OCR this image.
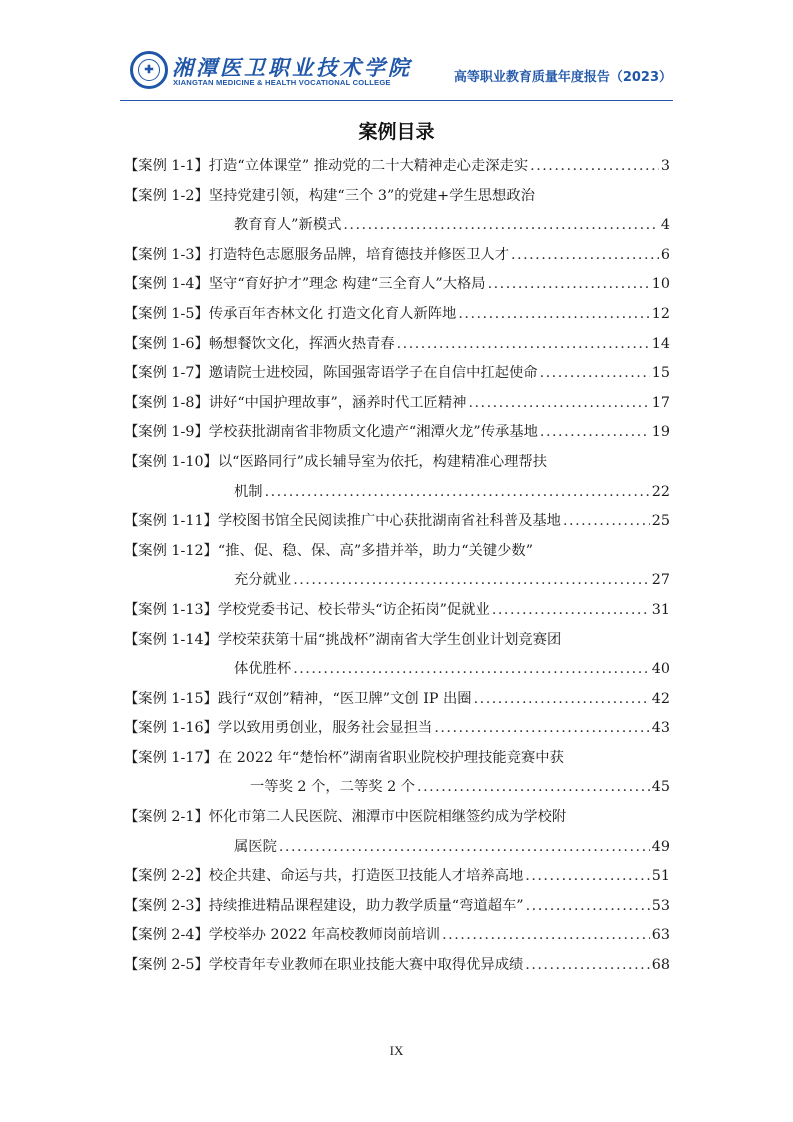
✚ 湘潭医卫职业技术学院
XIANGTAN MEDICINE & HEALTH VOCATIONAL COLLEGE	高等职业教育质量年度报告（2023）
案例目录
【案例 1-1】 打造“立体课堂” 推动党的二十大精神走心走深走实 .....	3
【案例 1-2】 坚持党建引领，构建“三个 3”的党建+学生思想政治
教育育人”新模式 .....	4
【案例 1-3】 打造特色志愿服务品牌，培育德技并修医卫人才 .....	6
【案例 1-4】 坚守“育好护才”理念 构建“三全育人”大格局 .....	10
【案例 1-5】 传承百年杏林文化 打造文化育人新阵地 .....	12
【案例 1-6】 畅想餐饮文化，挥洒火热青春 .....	14
【案例 1-7】 邀请院士进校园，陈国强寄语学子在自信中扛起使命 .....	15
【案例 1-8】 讲好“中国护理故事”，涵养时代工匠精神 .....	17
【案例 1-9】 学校获批湖南省非物质文化遗产“湘潭火龙”传承基地 .....	19
【案例 1-10】 以“医路同行”成长辅导室为依托，构建精准心理帮扶
机制 .....	22
【案例 1-11】 学校图书馆全民阅读推广中心获批湖南省社科普及基地 .....	25
【案例 1-12】 “推、促、稳、保、高”多措并举，助力“关键少数”
充分就业 .....	27
【案例 1-13】 学校党委书记、校长带头“访企拓岗”促就业 .....	31
【案例 1-14】 学校荣获第十届“挑战杯”湖南省大学生创业计划竞赛团
体优胜杯 .....	40
【案例 1-15】 践行“双创”精神，“医卫牌”文创 IP 出圈 .....	42
【案例 1-16】 学以致用勇创业，服务社会显担当 .....	43
【案例 1-17】 在 2022 年“楚怡杯”湖南省职业院校护理技能竞赛中获
一等奖 2 个，二等奖 2 个 .....	45
【案例 2-1】 怀化市第二人民医院、湘潭市中医院相继签约成为学校附
属医院 .....	49
【案例 2-2】 校企共建、命运与共，打造医卫技能人才培养高地 .....	51
【案例 2-3】 持续推进精品课程建设，助力教学质量“弯道超车” .....	53
【案例 2-4】 学校举办 2022 年高校教师岗前培训 .....	63
【案例 2-5】 学校青年专业教师在职业技能大赛中取得优异成绩 .....	68
IX
